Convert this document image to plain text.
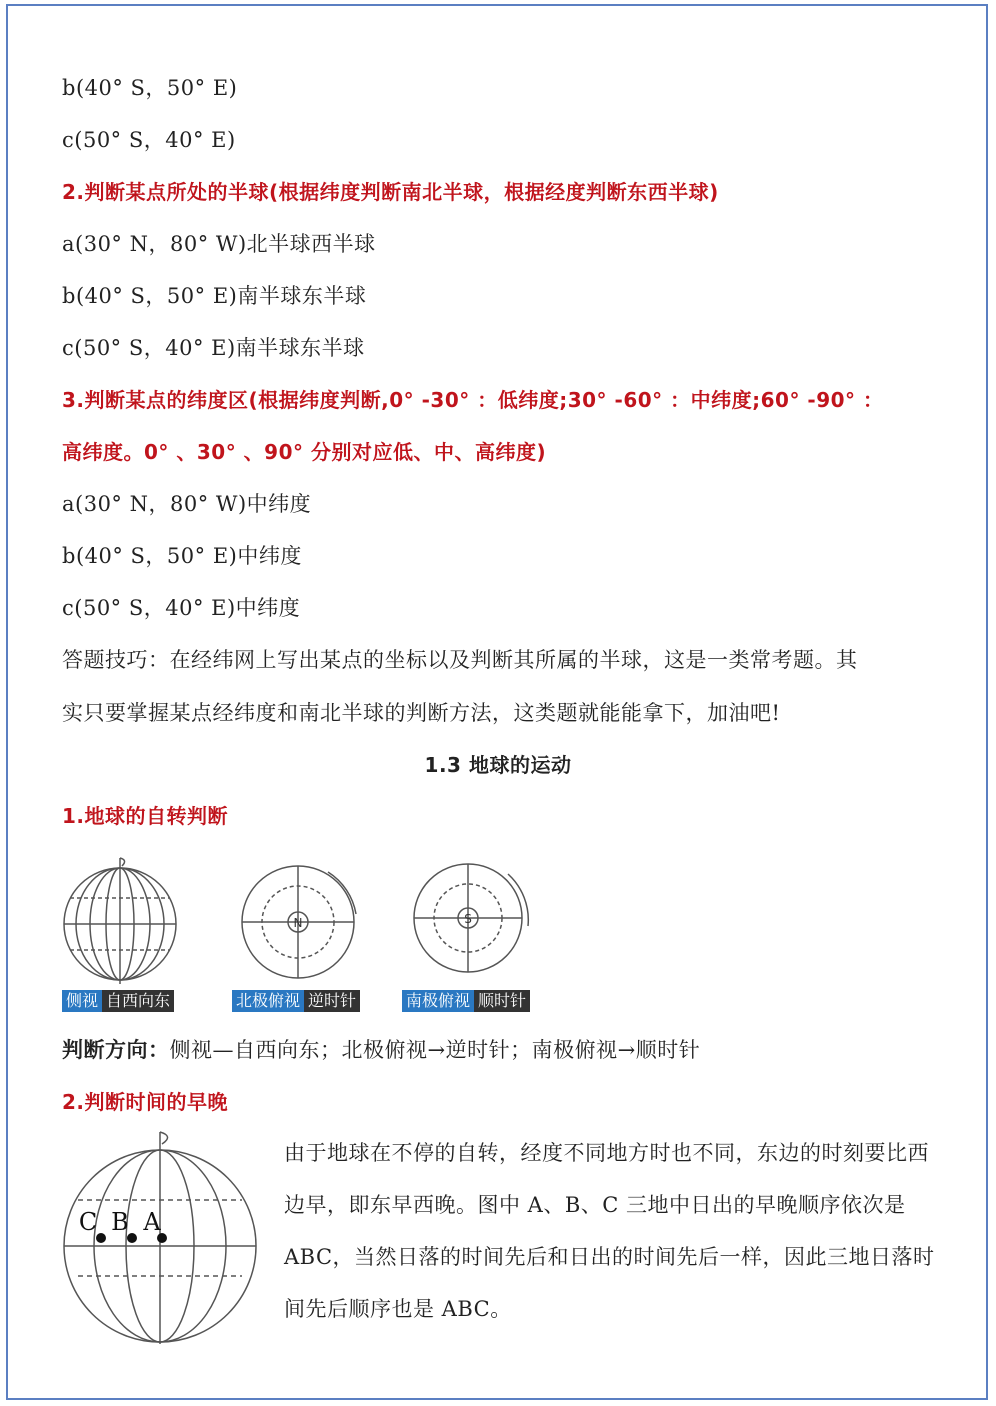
b(40° S，50° E)
c(50° S，40° E)
2.判断某点所处的半球(根据纬度判断南北半球，根据经度判断东西半球)
a(30° N，80° W)北半球西半球
b(40° S，50° E)南半球东半球
c(50° S，40° E)南半球东半球
3.判断某点的纬度区(根据纬度判断,0° -30° ：低纬度;30° -60° ：中纬度;60° -90° ：
高纬度。0° 、30° 、90° 分别对应低、中、高纬度)
a(30° N，80° W)中纬度
b(40° S，50° E)中纬度
c(50° S，40° E)中纬度
答题技巧：在经纬网上写出某点的坐标以及判断其所属的半球，这是一类常考题。其
实只要掌握某点经纬度和南北半球的判断方法，这类题就能能拿下，加油吧!
1.3 地球的运动
1.地球的自转判断
侧视 自西向东
N
北极俯视 逆时针
S
南极俯视 顺时针
判断方向：侧视—自西向东；北极俯视→逆时针；南极俯视→顺时针
2.判断时间的早晚
C B A
由于地球在不停的自转，经度不同地方时也不同，东边的时刻要比西边早，即东早西晚。图中 A、B、C 三地中日出的早晚顺序依次是 ABC，当然日落的时间先后和日出的时间先后一样，因此三地日落时间先后顺序也是 ABC。
